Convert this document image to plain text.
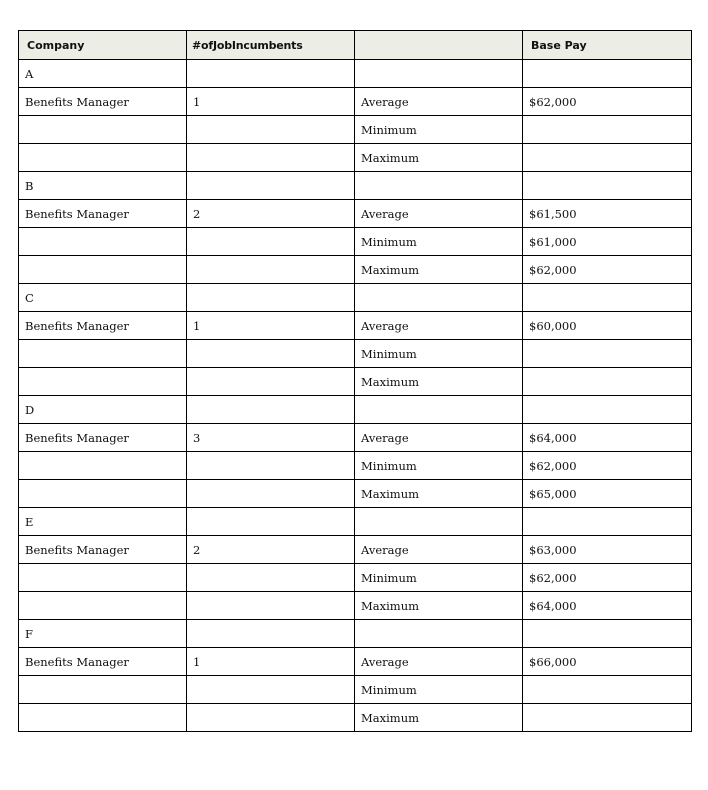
Company	#ofJobIncumbents		Base Pay
A			
Benefits Manager	1	Average	$62,000
		Minimum	
		Maximum	
B			
Benefits Manager	2	Average	$61,500
		Minimum	$61,000
		Maximum	$62,000
C			
Benefits Manager	1	Average	$60,000
		Minimum	
		Maximum	
D			
Benefits Manager	3	Average	$64,000
		Minimum	$62,000
		Maximum	$65,000
E			
Benefits Manager	2	Average	$63,000
		Minimum	$62,000
		Maximum	$64,000
F			
Benefits Manager	1	Average	$66,000
		Minimum	
		Maximum	
